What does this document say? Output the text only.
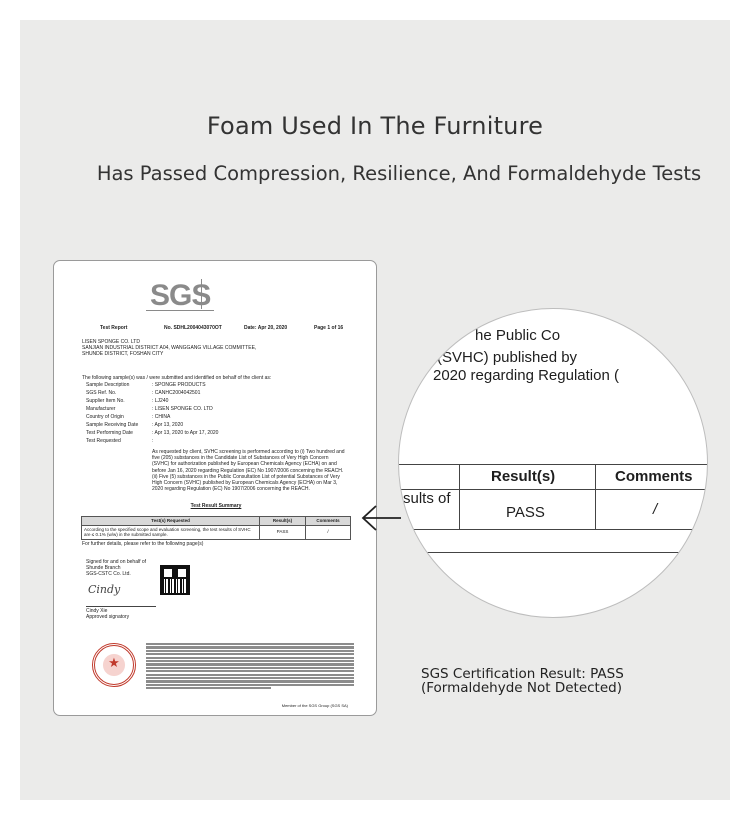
Foam Used In The Furniture
Has Passed Compression, Resilience, And Formaldehyde Tests
SGS
Test Report	No. SDHL2004043070OT	Date: Apr 20, 2020	Page 1 of 16
LISEN SPONGE CO. LTD
SANJIAN INDUSTRIAL DISTRICT A04, WANGGANG VILLAGE COMMITTEE,
SHUNDE DISTRICT, FOSHAN CITY
The following sample(s) was / were submitted and identified on behalf of the client as:
Sample Description	: SPONGE PRODUCTS
SGS Ref. No.	: CANHC2004042501
Supplier Item No.	: LJ240
Manufacturer	: LISEN SPONGE CO. LTD
Country of Origin	: CHINA
Sample Receiving Date	: Apr 13, 2020
Test Performing Date	: Apr 13, 2020 to Apr 17, 2020
Test Requested	:
As requested by client, SVHC screening is performed according to (i) Two hundred and five (205) substances in the Candidate List of Substances of Very High Concern (SVHC) for authorization published by European Chemicals Agency (ECHA) on and before Jan 16, 2020 regarding Regulation (EC) No 1907/2006 concerning the REACH. (ii) Five (5) substances in the Public Consultation List of potential Substances of Very High Concern (SVHC) published by European Chemicals Agency (ECHA) on Mar 3, 2020 regarding Regulation (EC) No 1907/2006 concerning the REACH.
Test Result Summary
Test(s) Requested	Result(s)	Comments
According to the specified scope and evaluation screening, the test results of SVHC are ≤ 0.1% (w/w) in the submitted sample.	PASS	/
For further details, please refer to the following page(s)
Signed for and on behalf of
Shunde Branch
SGS-CSTC Co. Ltd.
Cindy
Cindy Xie
Approved signatory
★
Member of the SGS Group (SGS SA)
he Public Co
(SVHC) published by
2020 regarding Regulation (
Result(s)	Comments
sults of
PASS	/
SGS Certification Result: PASS
(Formaldehyde Not Detected)
